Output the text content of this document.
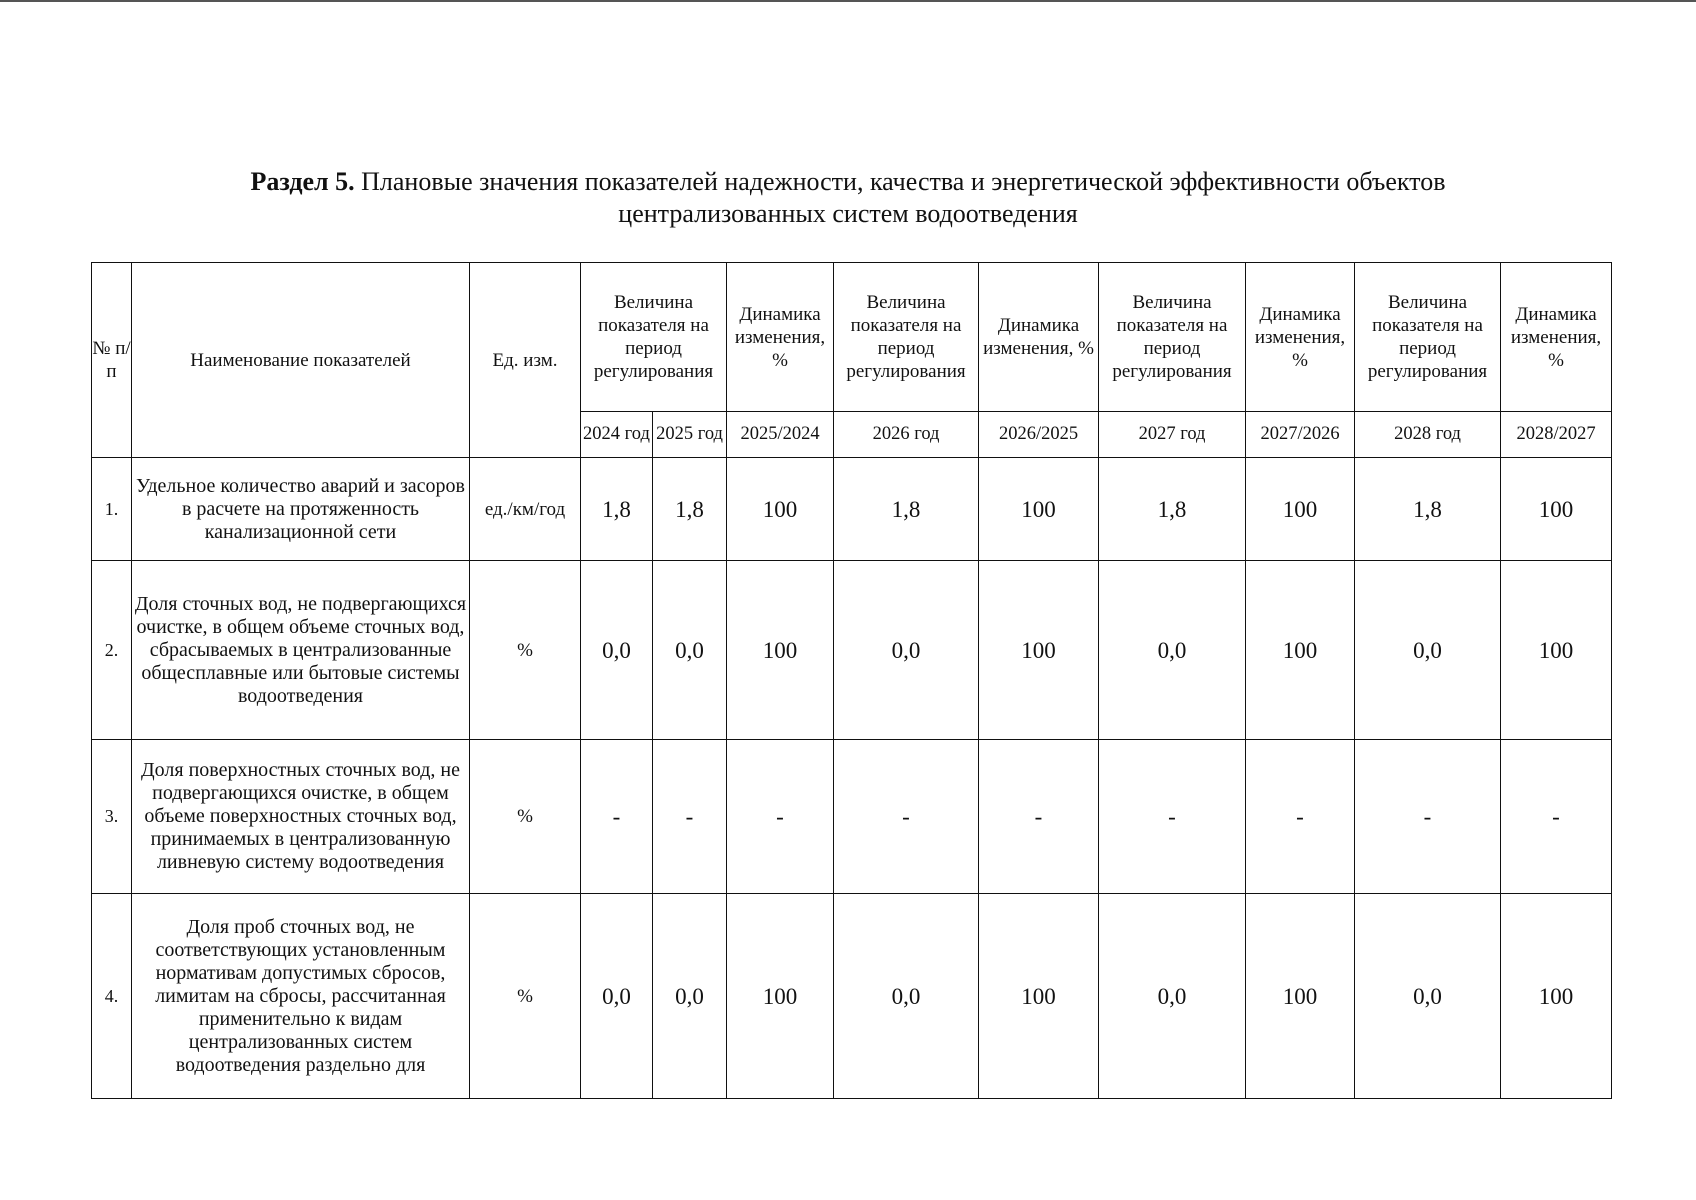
Раздел 5. Плановые значения показателей надежности, качества и энергетической эффективности объектов
централизованных систем водоотведения
№ п/п	Наименование показателей	Ед. изм.	Величина показателя на период регулирования		Динамика изменения, %	Величина показателя на период регулирования	Динамика изменения, %	Величина показателя на период регулирования	Динамика изменения, %	Величина показателя на период регулирования	Динамика изменения, %
			2024 год	2025 год	2025/2024	2026 год	2026/2025	2027 год	2027/2026	2028 год	2028/2027
1.	Удельное количество аварий и засоров в расчете на протяженность канализационной сети	ед./км/год	1,8	1,8	100	1,8	100	1,8	100	1,8	100
2.	Доля сточных вод, не подвергающихся очистке, в общем объеме сточных вод, сбрасываемых в централизованные общесплавные или бытовые системы водоотведения	%	0,0	0,0	100	0,0	100	0,0	100	0,0	100
3.	Доля поверхностных сточных вод, не подвергающихся очистке, в общем объеме поверхностных сточных вод, принимаемых в централизованную ливневую систему водоотведения	%	-	-	-	-	-	-	-	-	-
4.	Доля проб сточных вод, не соответствующих установленным нормативам допустимых сбросов, лимитам на сбросы, рассчитанная применительно к видам централизованных систем водоотведения раздельно для	%	0,0	0,0	100	0,0	100	0,0	100	0,0	100
